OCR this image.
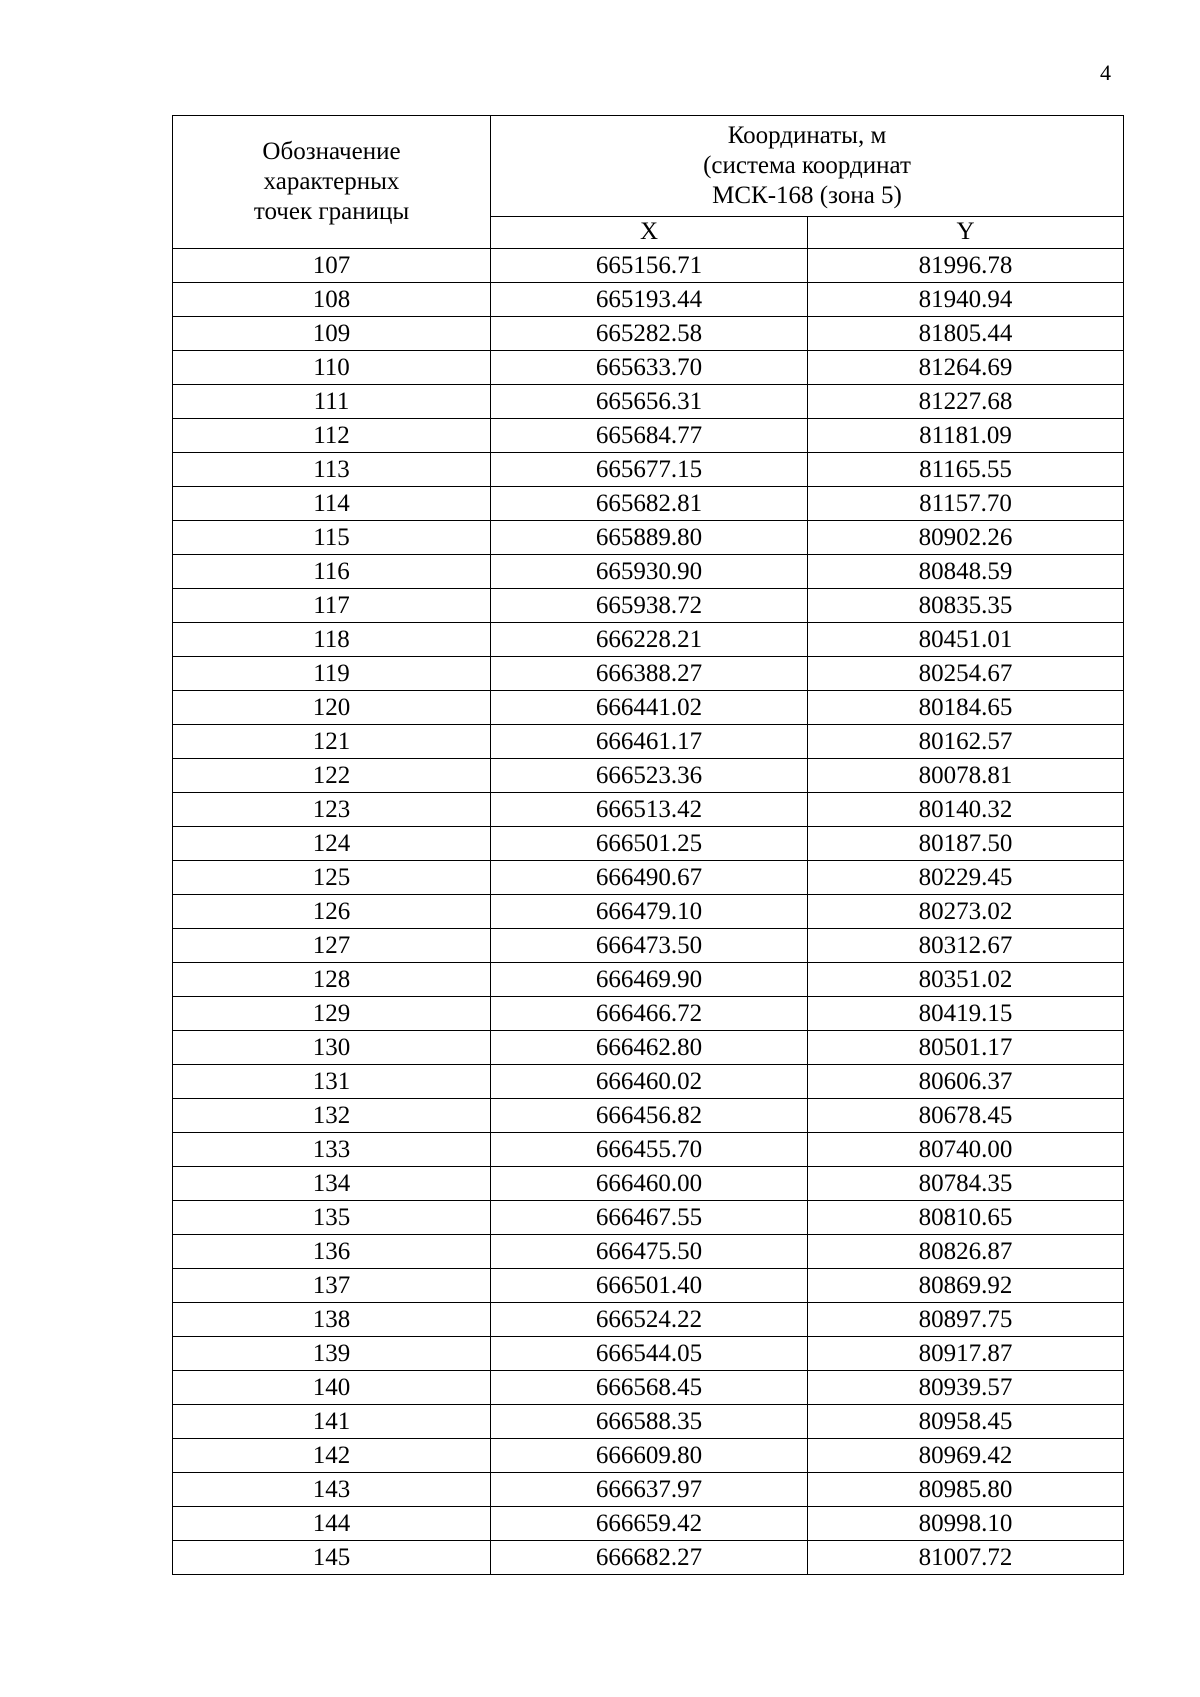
4
Обозначение
характерных
точек границы	Координаты, м
(система координат
МСК-168 (зона 5)	

	X	Y
107	665156.71	81996.78
108	665193.44	81940.94
109	665282.58	81805.44
110	665633.70	81264.69
111	665656.31	81227.68
112	665684.77	81181.09
113	665677.15	81165.55
114	665682.81	81157.70
115	665889.80	80902.26
116	665930.90	80848.59
117	665938.72	80835.35
118	666228.21	80451.01
119	666388.27	80254.67
120	666441.02	80184.65
121	666461.17	80162.57
122	666523.36	80078.81
123	666513.42	80140.32
124	666501.25	80187.50
125	666490.67	80229.45
126	666479.10	80273.02
127	666473.50	80312.67
128	666469.90	80351.02
129	666466.72	80419.15
130	666462.80	80501.17
131	666460.02	80606.37
132	666456.82	80678.45
133	666455.70	80740.00
134	666460.00	80784.35
135	666467.55	80810.65
136	666475.50	80826.87
137	666501.40	80869.92
138	666524.22	80897.75
139	666544.05	80917.87
140	666568.45	80939.57
141	666588.35	80958.45
142	666609.80	80969.42
143	666637.97	80985.80
144	666659.42	80998.10
145	666682.27	81007.72
